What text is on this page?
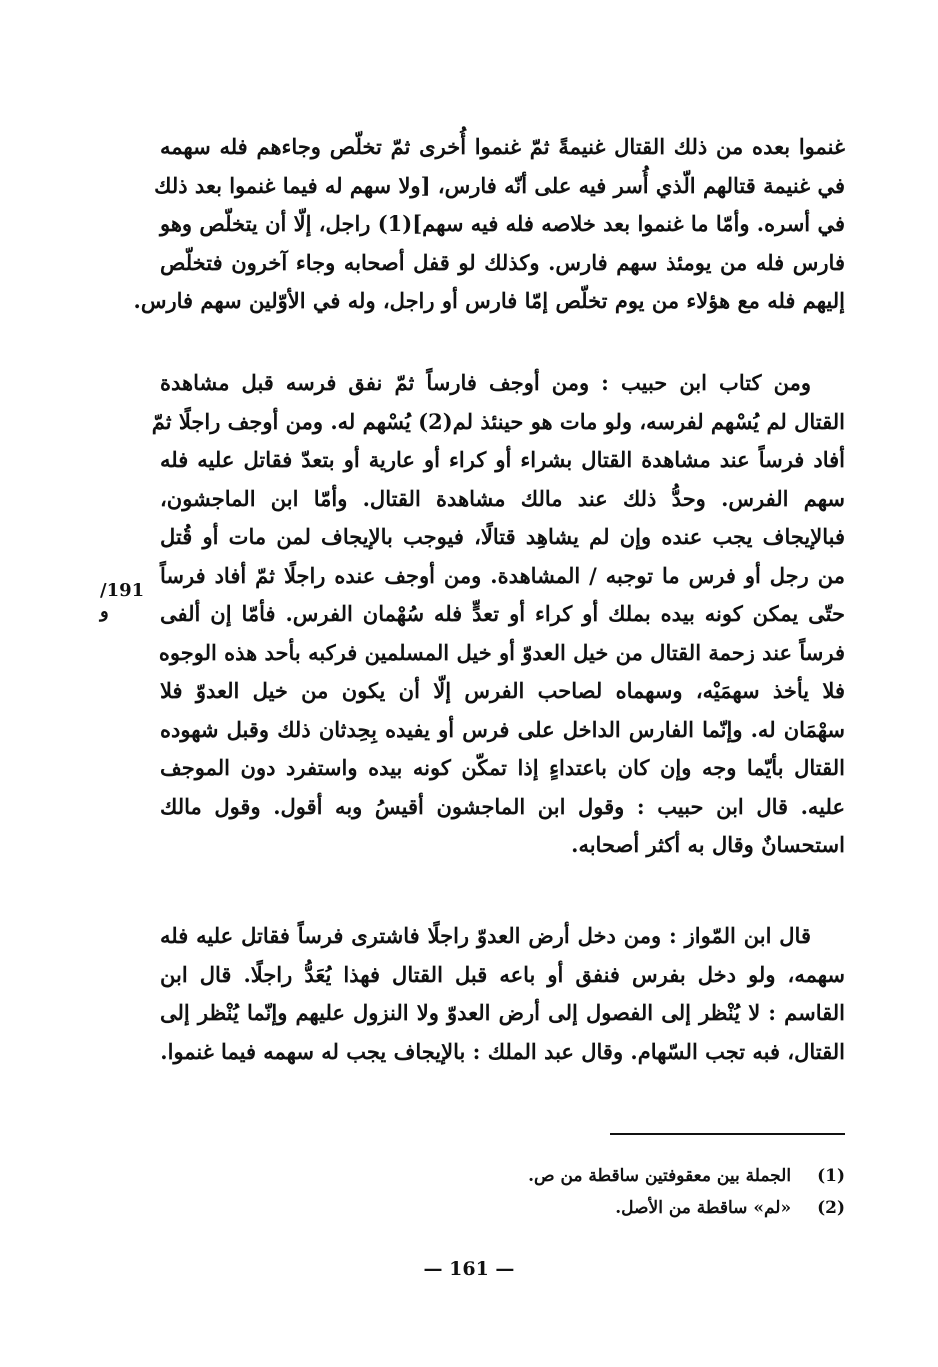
غنموا بعده من ذلك القتال غنيمةً ثمّ غنموا أُخرى ثمّ تخلّص وجاءهم فله سهمه
في غنيمة قتالهم الّذي أُسر فيه على أنّه فارس، [ولا سهم له فيما غنموا بعد ذلك
في أسره. وأمّا ما غنموا بعد خلاصه فله فيه سهم](1) راجل، إلّا أن يتخلّص وهو
فارس فله من يومئذ سهم فارس. وكذلك لو قفل أصحابه وجاء آخرون فتخلّص
إليهم فله مع هؤلاء من يوم تخلّص إمّا فارس أو راجل، وله في الأوّلين سهم فارس.
ومن كتاب ابن حبيب : ومن أوجف فارساً ثمّ نفق فرسه قبل مشاهدة
القتال لم يُسْهم لفرسه، ولو مات هو حينئذ لم(2) يُسْهم له. ومن أوجف راجلًا ثمّ
أفاد فرساً عند مشاهدة القتال بشراء أو كراء أو عارية أو بتعدّ فقاتل عليه فله
سهم الفرس. وحدُّ ذلك عند مالك مشاهدة القتال. وأمّا ابن الماجشون،
فبالإيجاف يجب عنده وإن لم يشاهِد قتالًا، فيوجب بالإيجاف لمن مات أو قُتل
من رجل أو فرس ما توجبه / المشاهدة. ومن أوجف عنده راجلًا ثمّ أفاد فرساً
حتّى يمكن كونه بيده بملك أو كراء أو تعدٍّ فله سُهْمان الفرس. فأمّا إن ألفى
فرساً عند زحمة القتال من خيل العدوّ أو خيل المسلمين فركبه بأحد هذه الوجوه
فلا يأخذ سهمَيْه، وسهماه لصاحب الفرس إلّا أن يكون من خيل العدوّ فلا
سهْمَان له. وإنّما الفارس الداخل على فرس أو يفيده بِحِدثان ذلك وقبل شهوده
القتال بأيّما وجه وإن كان باعتداءٍ إذا تمكّن كونه بيده واستفرد دون الموجف
عليه. قال ابن حبيب : وقول ابن الماجشون أقيسُ وبه أقول. وقول مالك
استحسانٌ وقال به أكثر أصحابه.
191/و
قال ابن المّواز : ومن دخل أرض العدوّ راجلًا فاشترى فرساً فقاتل عليه فله
سهمه، ولو دخل بفرس فنفق أو باعه قبل القتال فهذا يُعَدُّ راجلًا. قال ابن
القاسم : لا يُنْظر إلى الفصول إلى أرض العدوّ ولا النزول عليهم وإنّما يُنْظر إلى
القتال، فبه تجب السّهام. وقال عبد الملك : بالإيجاف يجب له سهمه فيما غنموا.
(1) الجملة بين معقوفتين ساقطة من ص.
(2) «لم» ساقطة من الأصل.
— 161 —
